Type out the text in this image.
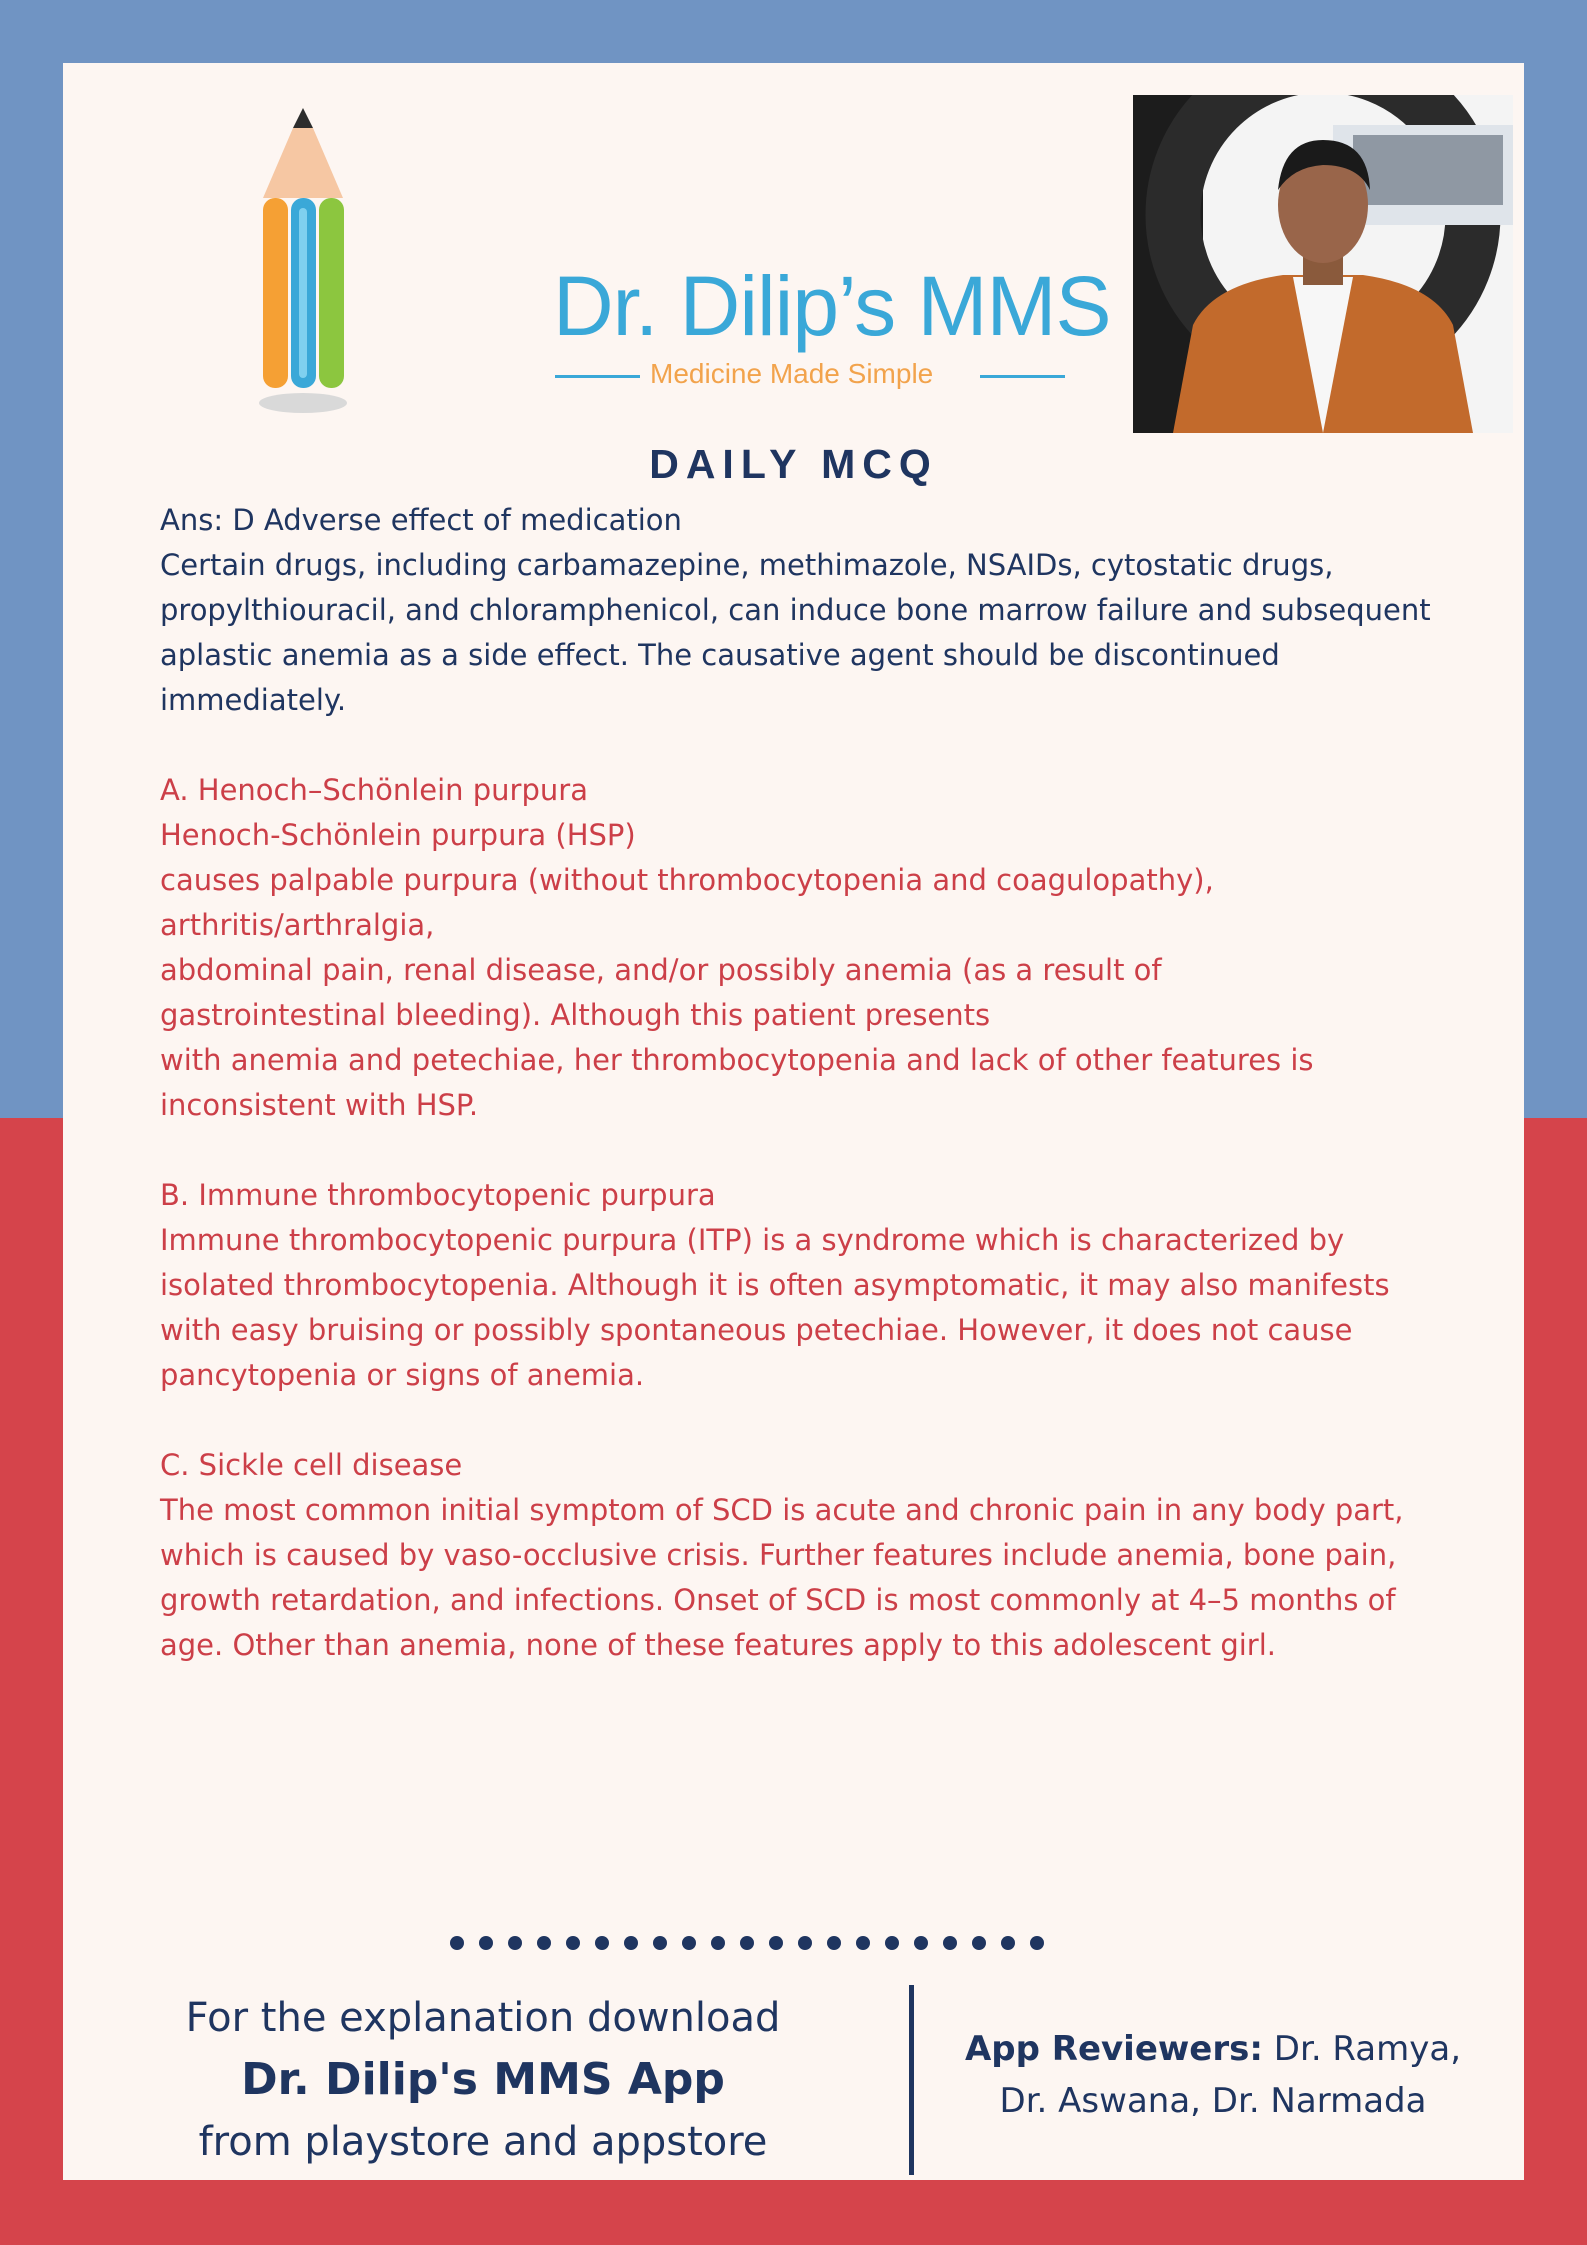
Dr. Dilip’s MMS
Medicine Made Simple
DAILY MCQ

Ans: D Adverse effect of medication

Certain drugs, including carbamazepine, methimazole, NSAIDs, cytostatic drugs, propylthiouracil, and chloramphenicol, can induce bone marrow failure and subsequent aplastic anemia as a side effect. The causative agent should be discontinued immediately.

A. Henoch–Schönlein purpura

Henoch-Schönlein purpura (HSP)

causes palpable purpura (without thrombocytopenia and coagulopathy), arthritis/arthralgia,

abdominal pain, renal disease, and/or possibly anemia (as a result of gastrointestinal bleeding). Although this patient presents

with anemia and petechiae, her thrombocytopenia and lack of other features is inconsistent with HSP.

B. Immune thrombocytopenic purpura

Immune thrombocytopenic purpura (ITP) is a syndrome which is characterized by isolated thrombocytopenia. Although it is often asymptomatic, it may also manifests with easy bruising or possibly spontaneous petechiae. However, it does not cause pancytopenia or signs of anemia.

C. Sickle cell disease

The most common initial symptom of SCD is acute and chronic pain in any body part, which is caused by vaso-occlusive crisis. Further features include anemia, bone pain, growth retardation, and infections. Onset of SCD is most commonly at 4–5 months of age. Other than anemia, none of these features apply to this adolescent girl.

For the explanation download
Dr. Dilip's MMS App
from playstore and appstore
App Reviewers: Dr. Ramya,
Dr. Aswana, Dr. Narmada
